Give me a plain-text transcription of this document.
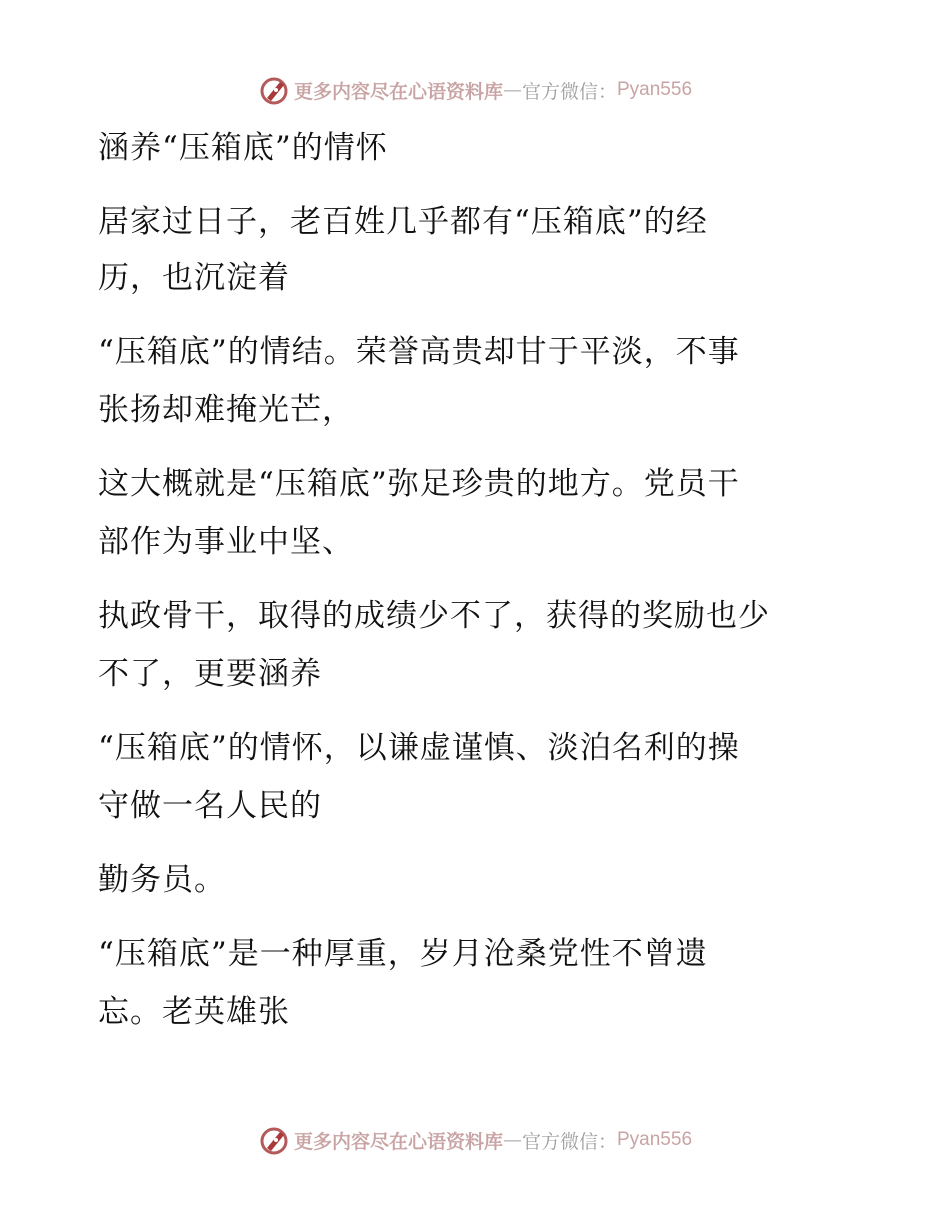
更多内容尽在心语资料库 — 官方微信： Pyan556
涵养“压箱底”的情怀
居家过日子，老百姓几乎都有“压箱底”的经
历，也沉淀着
“压箱底”的情结。荣誉高贵却甘于平淡，不事
张扬却难掩光芒，
这大概就是“压箱底”弥足珍贵的地方。党员干
部作为事业中坚、
执政骨干，取得的成绩少不了，获得的奖励也少
不了，更要涵养
“压箱底”的情怀，以谦虚谨慎、淡泊名利的操
守做一名人民的
勤务员。
“压箱底”是一种厚重，岁月沧桑党性不曾遗
忘。老英雄张
更多内容尽在心语资料库 — 官方微信： Pyan556
